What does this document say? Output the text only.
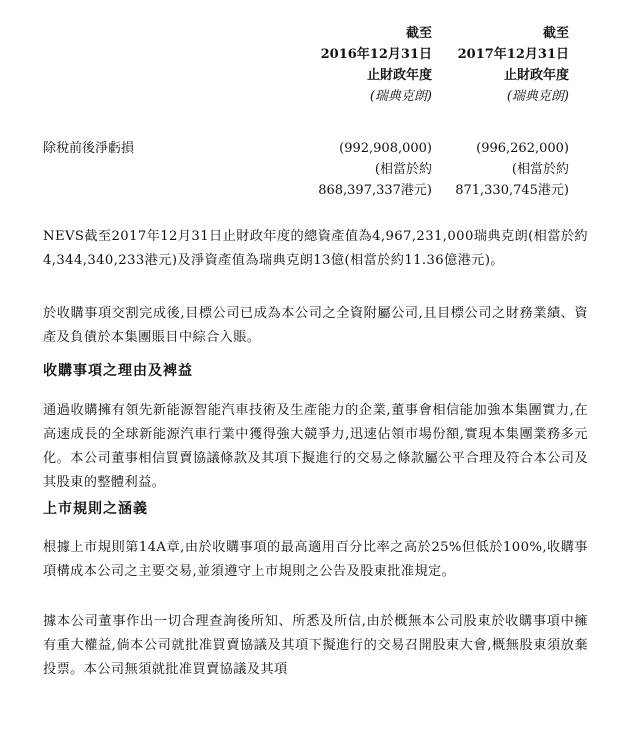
截至
2016年12月31日
止財政年度
(瑞典克朗)
截至
2017年12月31日
止財政年度
(瑞典克朗)
除稅前後淨虧損	(992,908,000)
(相當於約
868,397,337港元)
(996,262,000)
(相當於約
871,330,745港元)

NEVS截至2017年12月31日止財政年度的總資產值為4,967,231,000瑞典克朗(相當於約4,344,340,233港元)及淨資產值為瑞典克朗13億(相當於約11.36億港元)。

於收購事項交割完成後,目標公司已成為本公司之全資附屬公司,且目標公司之財務業績、資產及負債於本集團賬目中綜合入賬。

收購事項之理由及裨益

通過收購擁有領先新能源智能汽車技術及生產能力的企業,董事會相信能加強本集團實力,在高速成長的全球新能源汽車行業中獲得強大競爭力,迅速佔領市場份額,實現本集團業務多元化。本公司董事相信買賣協議條款及其項下擬進行的交易之條款屬公平合理及符合本公司及其股東的整體利益。

上市規則之涵義

根據上市規則第14A章,由於收購事項的最高適用百分比率之高於25%但低於100%,收購事項構成本公司之主要交易,並須遵守上市規則之公告及股東批准規定。

據本公司董事作出一切合理查詢後所知、所悉及所信,由於概無本公司股東於收購事項中擁有重大權益,倘本公司就批准買賣協議及其項下擬進行的交易召開股東大會,概無股東須放棄投票。本公司無須就批准買賣協議及其項
